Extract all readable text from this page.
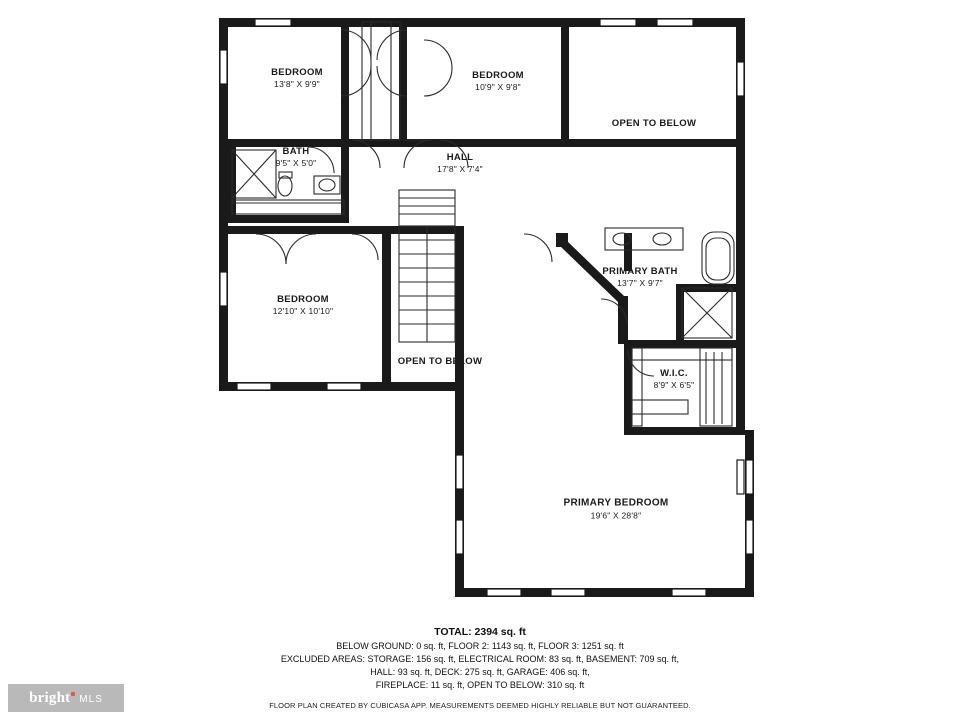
BEDROOM
13'8" X 9'9"
BEDROOM
10'9" X 9'8"
OPEN TO BELOW
BATH
9'5" X 5'0"	HALL
17'8" X 7'4"
PRIMARY BATH
13'7" X 9'7"
BEDROOM
12'10" X 10'10"
OPEN TO BELOW
W.I.C.
8'9" X 6'5"
PRIMARY BEDROOM
19'6" X 28'8"
TOTAL: 2394 sq. ft
BELOW GROUND: 0 sq. ft, FLOOR 2: 1143 sq. ft, FLOOR 3: 1251 sq. ft
EXCLUDED AREAS: STORAGE: 156 sq. ft, ELECTRICAL ROOM: 83 sq. ft, BASEMENT: 709 sq. ft,
HALL: 93 sq. ft, DECK: 275 sq. ft, GARAGE: 406 sq. ft,
FIREPLACE: 11 sq. ft, OPEN TO BELOW: 310 sq. ft
FLOOR PLAN CREATED BY CUBICASA APP. MEASUREMENTS DEEMED HIGHLY RELIABLE BUT NOT GUARANTEED.
bright MLS
